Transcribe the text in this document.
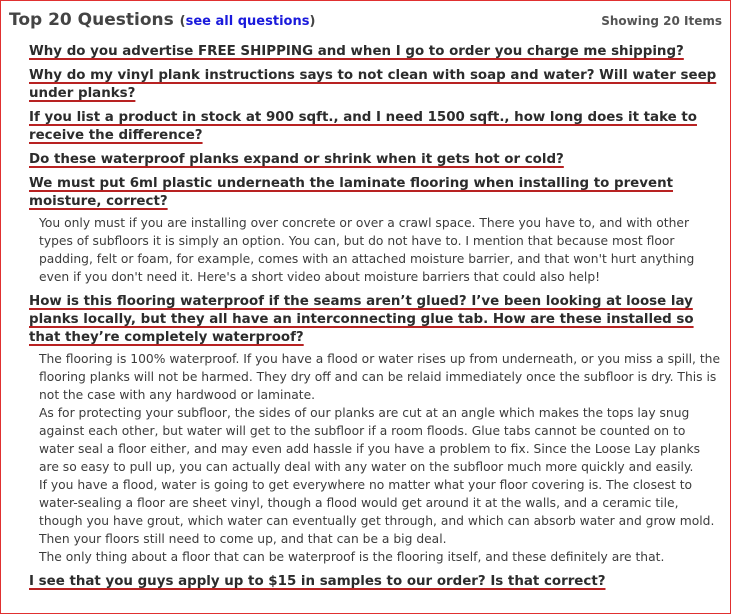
Top 20 Questions (see all questions)	Showing 20 Items
Why do you advertise FREE SHIPPING and when I go to order you charge me shipping?
Why do my vinyl plank instructions says to not clean with soap and water? Will water seep under planks?
If you list a product in stock at 900 sqft., and I need 1500 sqft., how long does it take to receive the difference?
Do these waterproof planks expand or shrink when it gets hot or cold?
We must put 6ml plastic underneath the laminate flooring when installing to prevent moisture, correct?

You only must if you are installing over concrete or over a crawl space. There you have to, and with other types of subfloors it is simply an option. You can, but do not have to. I mention that because most floor padding, felt or foam, for example, comes with an attached moisture barrier, and that won't hurt anything even if you don't need it. Here's a short video about moisture barriers that could also help!

How is this flooring waterproof if the seams aren’t glued? I’ve been looking at loose lay planks locally, but they all have an interconnecting glue tab. How are these installed so that they’re completely waterproof?

The flooring is 100% waterproof. If you have a flood or water rises up from underneath, or you miss a spill, the flooring planks will not be harmed. They dry off and can be relaid immediately once the subfloor is dry. This is not the case with any hardwood or laminate.

As for protecting your subfloor, the sides of our planks are cut at an angle which makes the tops lay snug against each other, but water will get to the subfloor if a room floods. Glue tabs cannot be counted on to water seal a floor either, and may even add hassle if you have a problem to fix. Since the Loose Lay planks are so easy to pull up, you can actually deal with any water on the subfloor much more quickly and easily.

If you have a flood, water is going to get everywhere no matter what your floor covering is. The closest to water-sealing a floor are sheet vinyl, though a flood would get around it at the walls, and a ceramic tile, though you have grout, which water can eventually get through, and which can absorb water and grow mold. Then your floors still need to come up, and that can be a big deal.

The only thing about a floor that can be waterproof is the flooring itself, and these definitely are that.

I see that you guys apply up to $15 in samples to our order? Is that correct?
